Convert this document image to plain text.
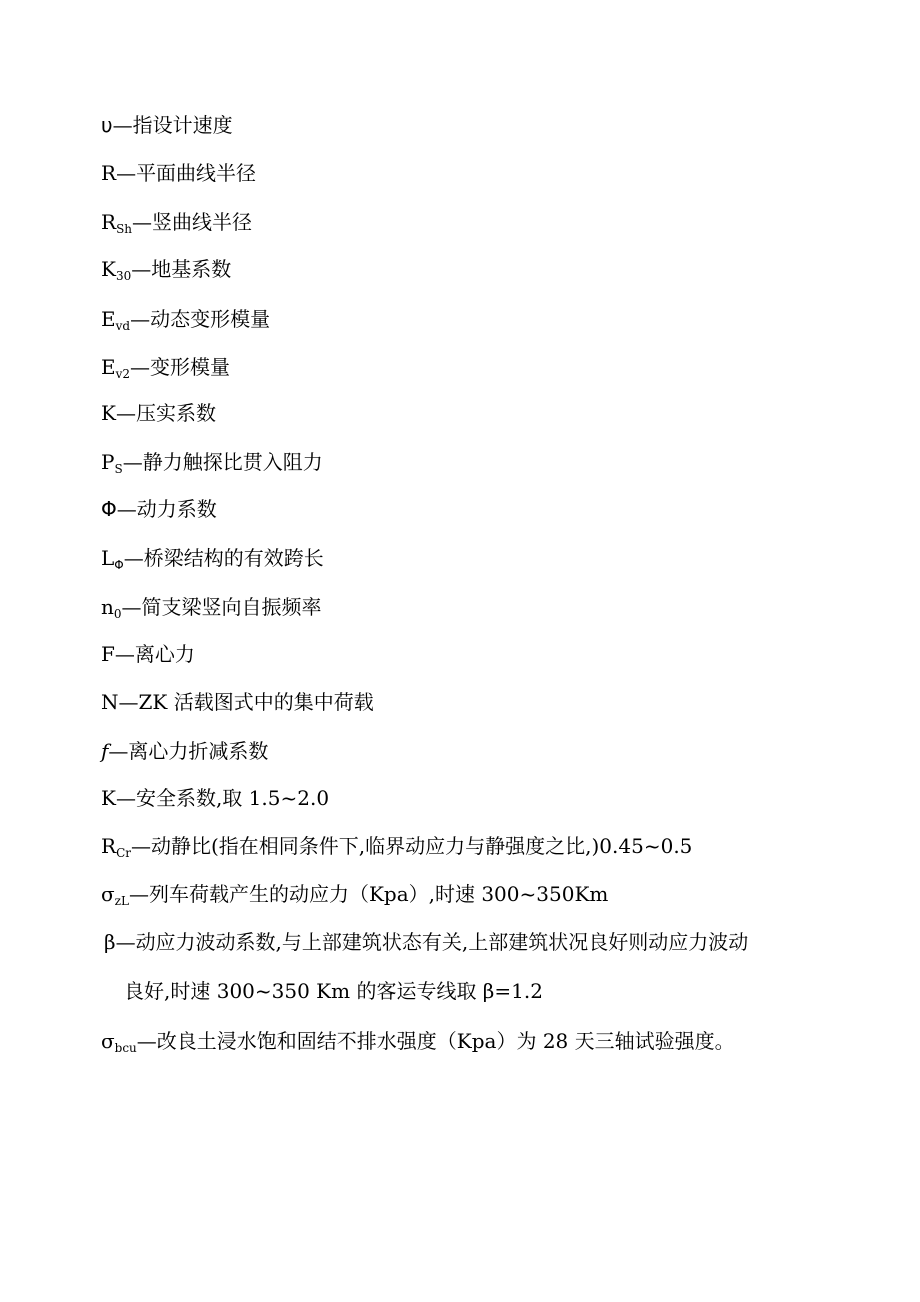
υ—指设计速度
R—平面曲线半径
$R_{Sh}—$竖曲线半径
$K_{30}—$地基系数
$E_{vd}—$动态变形模量
$E_{v2}—$变形模量
K—压实系数
$P_S—$静力触探比贯入阻力
Φ—动力系数
$L_\Phi—$桥梁结构的有效跨长
$n_0—$简支梁竖向自振频率
F—离心力
N—ZK 活载图式中的集中荷载
f—离心力折减系数
K—安全系数,取 1.5~2.0
$R_{Cr}—$动静比(指在相同条件下,临界动应力与静强度之比,)0.45~0.5
$\sigma_{zL}—$列车荷载产生的动应力（Kpa）,时速 300~350Km
β—动应力波动系数,与上部建筑状态有关,上部建筑状况良好则动应力波动
良好,时速 300~350 Km 的客运专线取 β=1.2
$\sigma_{bcu}—$改良土浸水饱和固结不排水强度（Kpa）为 28 天三轴试验强度。
